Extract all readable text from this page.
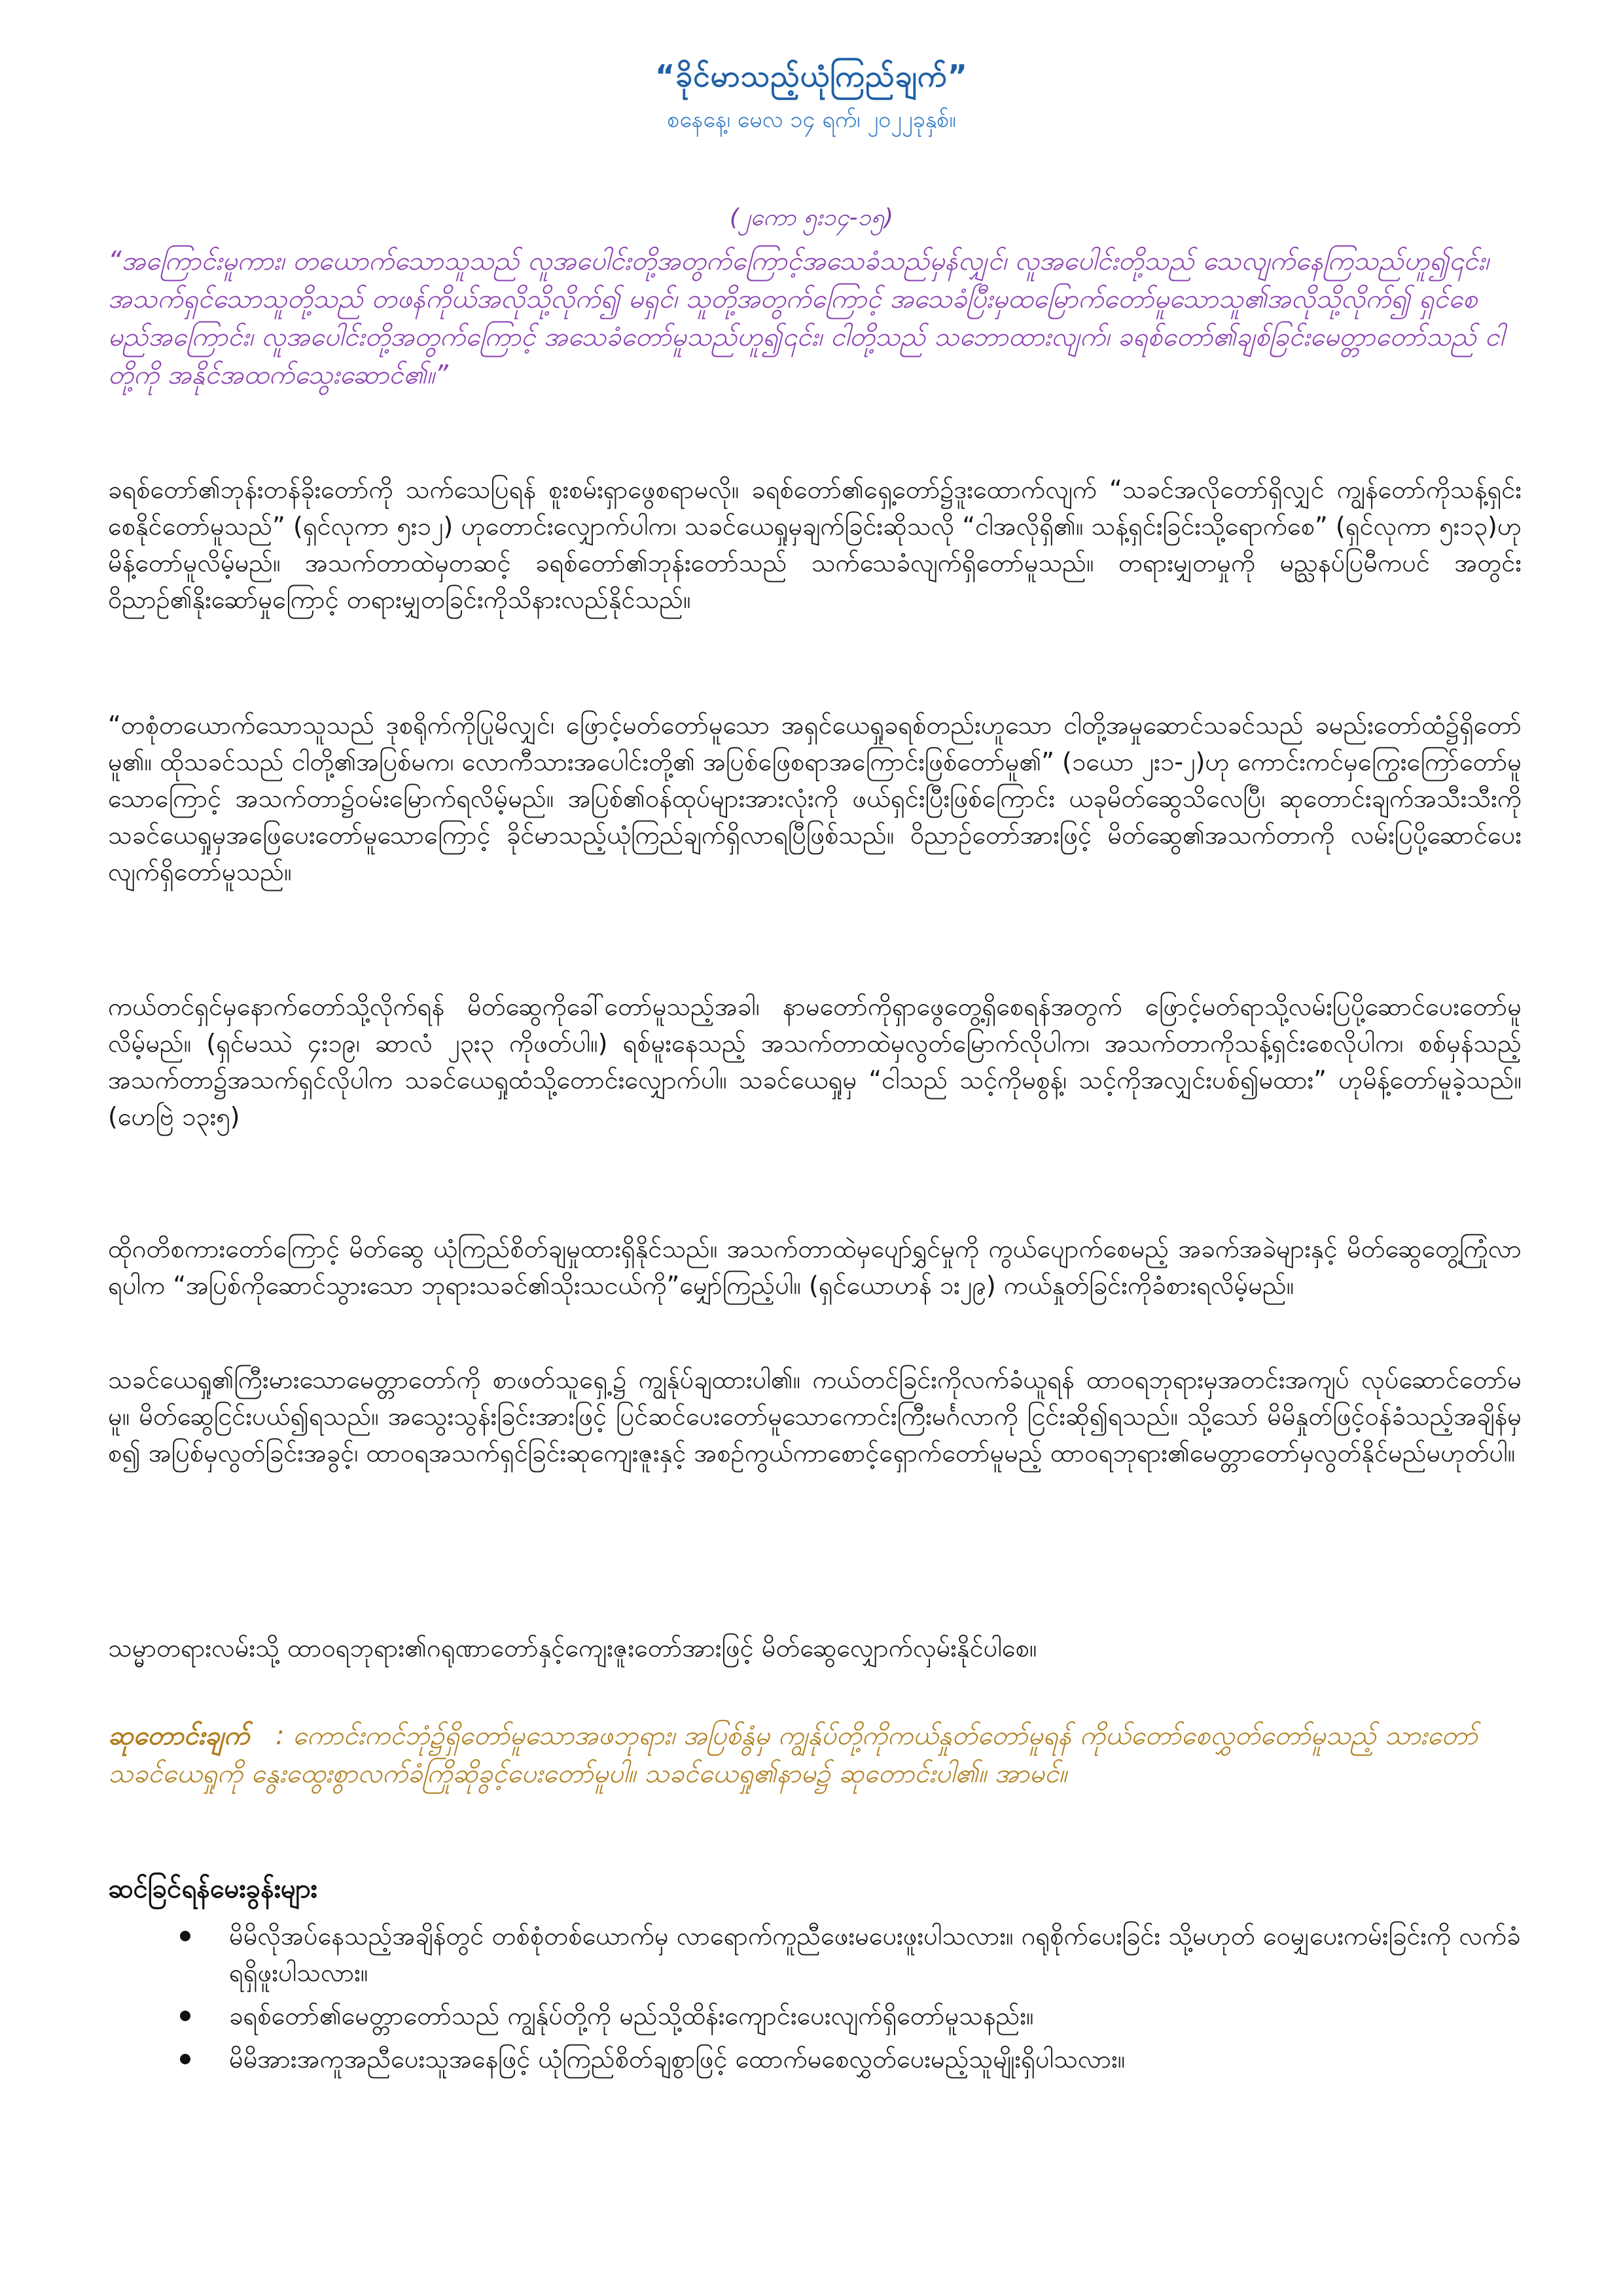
“ခိုင်မာသည့်ယုံကြည်ချက်”
စနေနေ့၊ မေလ ၁၄ ရက်၊ ၂၀၂၂ခုနှစ်။
(၂ကော ၅း၁၄-၁၅)
“အကြောင်းမူကား၊ တယောက်သောသူသည် လူအပေါင်းတို့အတွက်ကြောင့်အသေခံသည်မှန်လျှင်၊ လူအပေါင်းတို့သည် သေလျက်နေကြသည်ဟူ၍၎င်း၊ အသက်ရှင်သောသူတို့သည် တဖန်ကိုယ်အလိုသို့လိုက်၍ မရှင်၊ သူတို့အတွက်ကြောင့် အသေခံပြီးမှထမြောက်တော်မူသောသူ၏အလိုသို့လိုက်၍ ရှင်စေမည်အကြောင်း၊ လူအပေါင်းတို့အတွက်ကြောင့် အသေခံတော်မူသည်ဟူ၍၎င်း၊ ငါတို့သည် သဘောထားလျက်၊ ခရစ်တော်၏ချစ်ခြင်းမေတ္တာတော်သည် ငါတို့ကို အနိုင်အထက်သွေးဆောင်၏။”
ခရစ်တော်၏ဘုန်းတန်ခိုးတော်ကို သက်သေပြရန် စူးစမ်းရှာဖွေစရာမလို။ ခရစ်တော်၏ရှေ့တော်၌ဒူးထောက်လျက် “သခင်အလိုတော်ရှိလျှင် ကျွန်တော်ကိုသန့်ရှင်းစေနိုင်တော်မူသည်” (ရှင်လုကာ ၅း၁၂) ဟုတောင်းလျှောက်ပါက၊ သခင်ယေရှုမှချက်ခြင်းဆိုသလို “ငါအလိုရှိ၏။ သန့်ရှင်းခြင်းသို့ရောက်စေ” (ရှင်လုကာ ၅း၁၃)ဟု မိန့်တော်မူလိမ့်မည်။ အသက်တာထဲမှတဆင့် ခရစ်တော်၏ဘုန်းတော်သည် သက်သေခံလျက်ရှိတော်မူသည်။ တရားမျှတမှုကို မည္သနပ်ပြမီကပင် အတွင်းဝိညာဉ်၏နိုးဆော်မှုကြောင့် တရားမျှတခြင်းကိုသိနားလည်နိုင်သည်။
“တစုံတယောက်သောသူသည် ဒုစရိုက်ကိုပြုမိလျှင်၊ ဖြောင့်မတ်တော်မူသော အရှင်ယေရှုခရစ်တည်းဟူသော ငါတို့အမှုဆောင်သခင်သည် ခမည်းတော်ထံ၌ရှိတော်မူ၏။ ထိုသခင်သည် ငါတို့၏အပြစ်မက၊ လောကီသားအပေါင်းတို့၏ အပြစ်ဖြေစရာအကြောင်းဖြစ်တော်မူ၏” (၁ယော ၂း၁-၂)ဟု ကောင်းကင်မှကြွေးကြော်တော်မူသောကြောင့် အသက်တာ၌ဝမ်းမြောက်ရလိမ့်မည်။ အပြစ်၏ဝန်ထုပ်များအားလုံးကို ဖယ်ရှင်းပြီးဖြစ်ကြောင်း ယခုမိတ်ဆွေသိလေပြီ၊ ဆုတောင်းချက်အသီးသီးကို သခင်ယေရှုမှအဖြေပေးတော်မူသောကြောင့် ခိုင်မာသည့်ယုံကြည်ချက်ရှိလာရပြီဖြစ်သည်။ ဝိညာဉ်တော်အားဖြင့် မိတ်ဆွေ၏အသက်တာကို လမ်းပြပို့ဆောင်ပေးလျက်ရှိတော်မူသည်။
ကယ်တင်ရှင်မှနောက်တော်သို့လိုက်ရန် မိတ်ဆွေကိုခေါ်တော်မူသည့်အခါ၊ နာမတော်ကိုရှာဖွေတွေ့ရှိစေရန်အတွက် ဖြောင့်မတ်ရာသို့လမ်းပြပို့ဆောင်ပေးတော်မူလိမ့်မည်။ (ရှင်မဿဲ ၄း၁၉၊ ဆာလံ ၂၃း၃ ကိုဖတ်ပါ။) ရစ်မူးနေသည့် အသက်တာထဲမှလွတ်မြောက်လိုပါက၊ အသက်တာကိုသန့်ရှင်းစေလိုပါက၊ စစ်မှန်သည့်အသက်တာ၌အသက်ရှင်လိုပါက သခင်ယေရှုထံသို့တောင်းလျှောက်ပါ။ သခင်ယေရှုမှ “ငါသည် သင့်ကိုမစွန့်၊ သင့်ကိုအလျှင်းပစ်၍မထား” ဟုမိန့်တော်မူခဲ့သည်။ (ဟေဗြဲ ၁၃း၅)
ထိုဂတိစကားတော်ကြောင့် မိတ်ဆွေ ယုံကြည်စိတ်ချမှုထားရှိနိုင်သည်။ အသက်တာထဲမှပျော်ရွှင်မှုကို ကွယ်ပျောက်စေမည့် အခက်အခဲများနှင့် မိတ်ဆွေတွေ့ကြုံလာရပါက “အပြစ်ကိုဆောင်သွားသော ဘုရားသခင်၏သိုးသငယ်ကို”မျှော်ကြည့်ပါ။ (ရှင်ယောဟန် ၁း၂၉) ကယ်နှုတ်ခြင်းကိုခံစားရလိမ့်မည်။
သခင်ယေရှု၏ကြီးမားသောမေတ္တာတော်ကို စာဖတ်သူရှေ့၌ ကျွန်ုပ်ချထားပါ၏။ ကယ်တင်ခြင်းကိုလက်ခံယူရန် ထာဝရဘုရားမှအတင်းအကျပ် လုပ်ဆောင်တော်မမူ။ မိတ်ဆွေငြင်းပယ်၍ရသည်။ အသွေးသွန်းခြင်းအားဖြင့် ပြင်ဆင်ပေးတော်မူသောကောင်းကြီးမင်္ဂလာကို ငြင်းဆို၍ရသည်။ သို့သော် မိမိနှုတ်ဖြင့်ဝန်ခံသည့်အချိန်မှစ၍ အပြစ်မှလွတ်ခြင်းအခွင့်၊ ထာဝရအသက်ရှင်ခြင်းဆုကျေးဇူးနှင့် အစဉ်ကွယ်ကာစောင့်ရှောက်တော်မူမည့် ထာဝရဘုရား၏မေတ္တာတော်မှလွတ်နိုင်မည်မဟုတ်ပါ။
သမ္မာတရားလမ်းသို့ ထာဝရဘုရား၏ဂရုဏာတော်နှင့်ကျေးဇူးတော်အားဖြင့် မိတ်ဆွေလျှောက်လှမ်းနိုင်ပါစေ။
ဆုတောင်းချက် : ကောင်းကင်ဘုံ၌ရှိတော်မူသောအဖဘုရား၊ အပြစ်နွံမှ ကျွန်ုပ်တို့ကိုကယ်နှုတ်တော်မူရန် ကိုယ်တော်စေလွှတ်တော်မူသည့် သားတော်သခင်ယေရှုကို နွေးထွေးစွာလက်ခံကြိုဆိုခွင့်ပေးတော်မူပါ။ သခင်ယေရှု၏နာမ၌ ဆုတောင်းပါ၏။ အာမင်။
ဆင်ခြင်ရန်မေးခွန်းများ
မိမိလိုအပ်နေသည့်အချိန်တွင် တစ်စုံတစ်ယောက်မှ လာရောက်ကူညီဖေးမပေးဖူးပါသလား။ ဂရုစိုက်ပေးခြင်း သို့မဟုတ် ဝေမျှပေးကမ်းခြင်းကို လက်ခံရရှိဖူးပါသလား။
ခရစ်တော်၏မေတ္တာတော်သည် ကျွန်ုပ်တို့ကို မည်သို့ထိန်းကျောင်းပေးလျက်ရှိတော်မူသနည်း။
မိမိအားအကူအညီပေးသူအနေဖြင့် ယုံကြည်စိတ်ချစွာဖြင့် ထောက်မစေလွှတ်ပေးမည့်သူမျိုးရှိပါသလား။
